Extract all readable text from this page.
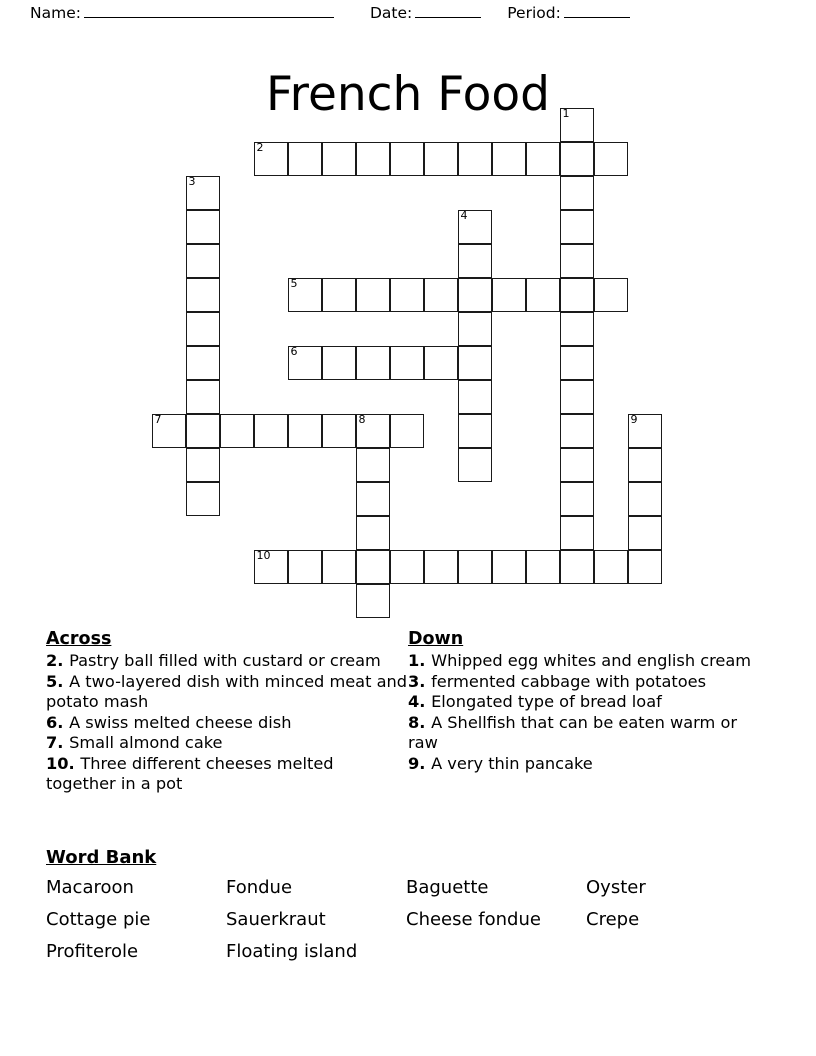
Name:	Date:	Period:
French Food	1
2
3
4
5
6
7	8	9
10
Across
2. Pastry ball filled with custard or cream
5. A two-layered dish with minced meat and potato mash
6. A swiss melted cheese dish
7. Small almond cake
10. Three different cheeses melted together in a pot
Down
1. Whipped egg whites and english cream
3. fermented cabbage with potatoes
4. Elongated type of bread loaf
8. A Shellfish that can be eaten warm or raw
9. A very thin pancake
Word Bank
Macaroon	Fondue	Baguette	Oyster
Cottage pie	Sauerkraut	Cheese fondue	Crepe
Profiterole	Floating island
